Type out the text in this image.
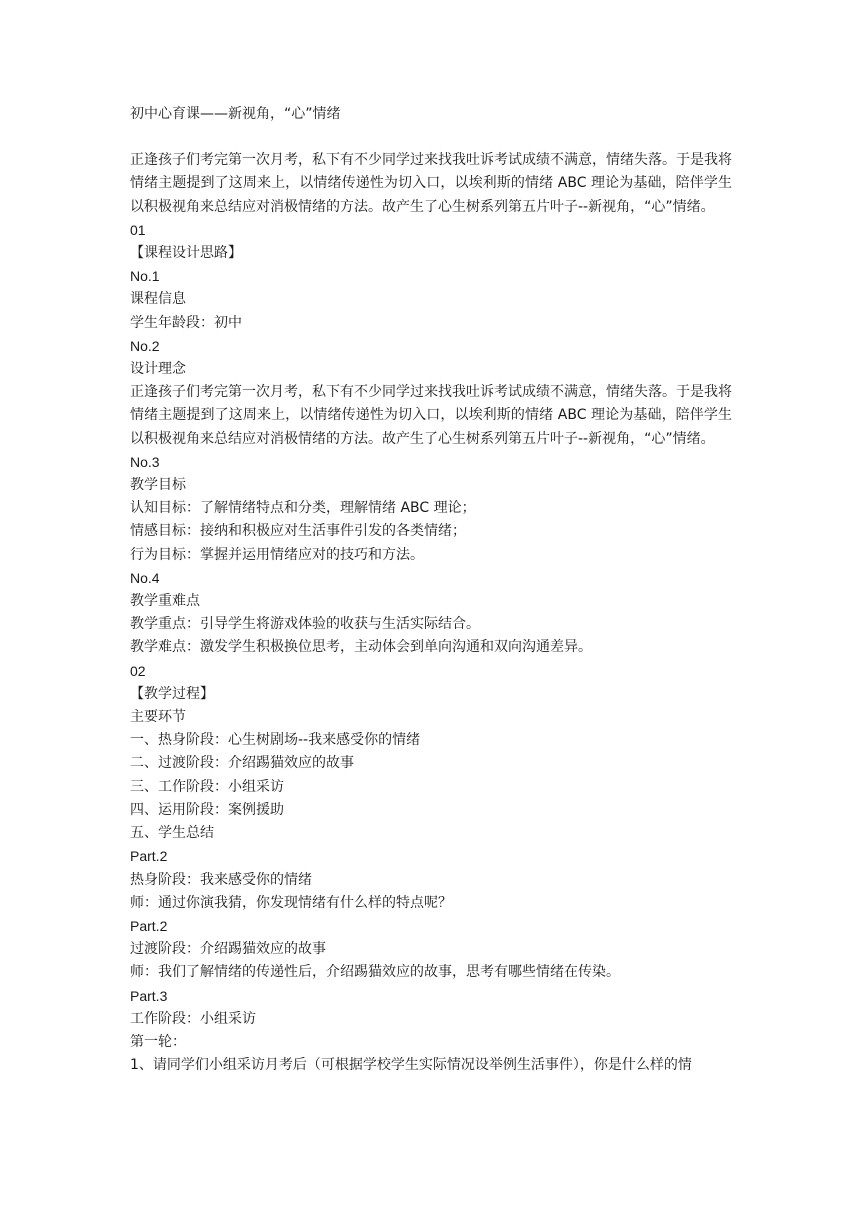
初中心育课——新视角，“心”情绪
正逢孩子们考完第一次月考，私下有不少同学过来找我吐诉考试成绩不满意，情绪失落。于是我将情绪主题提到了这周来上，以情绪传递性为切入口，以埃利斯的情绪 ABC 理论为基础，陪伴学生以积极视角来总结应对消极情绪的方法。故产生了心生树系列第五片叶子--新视角，“心”情绪。
01
【课程设计思路】
No.1
课程信息
学生年龄段：初中
No.2
设计理念
正逢孩子们考完第一次月考，私下有不少同学过来找我吐诉考试成绩不满意，情绪失落。于是我将情绪主题提到了这周来上，以情绪传递性为切入口，以埃利斯的情绪 ABC 理论为基础，陪伴学生以积极视角来总结应对消极情绪的方法。故产生了心生树系列第五片叶子--新视角，“心”情绪。
No.3
教学目标
认知目标：了解情绪特点和分类，理解情绪 ABC 理论；
情感目标：接纳和积极应对生活事件引发的各类情绪；
行为目标：掌握并运用情绪应对的技巧和方法。
No.4
教学重难点
教学重点：引导学生将游戏体验的收获与生活实际结合。
教学难点：激发学生积极换位思考，主动体会到单向沟通和双向沟通差异。
02
【教学过程】
主要环节
一、热身阶段：心生树剧场--我来感受你的情绪
二、过渡阶段：介绍踢猫效应的故事
三、工作阶段：小组采访
四、运用阶段：案例援助
五、学生总结
Part.2
热身阶段：我来感受你的情绪
师：通过你演我猜，你发现情绪有什么样的特点呢？
Part.2
过渡阶段：介绍踢猫效应的故事
师：我们了解情绪的传递性后，介绍踢猫效应的故事，思考有哪些情绪在传染。
Part.3
工作阶段：小组采访
第一轮：
1、请同学们小组采访月考后（可根据学校学生实际情况设举例生活事件），你是什么样的情
